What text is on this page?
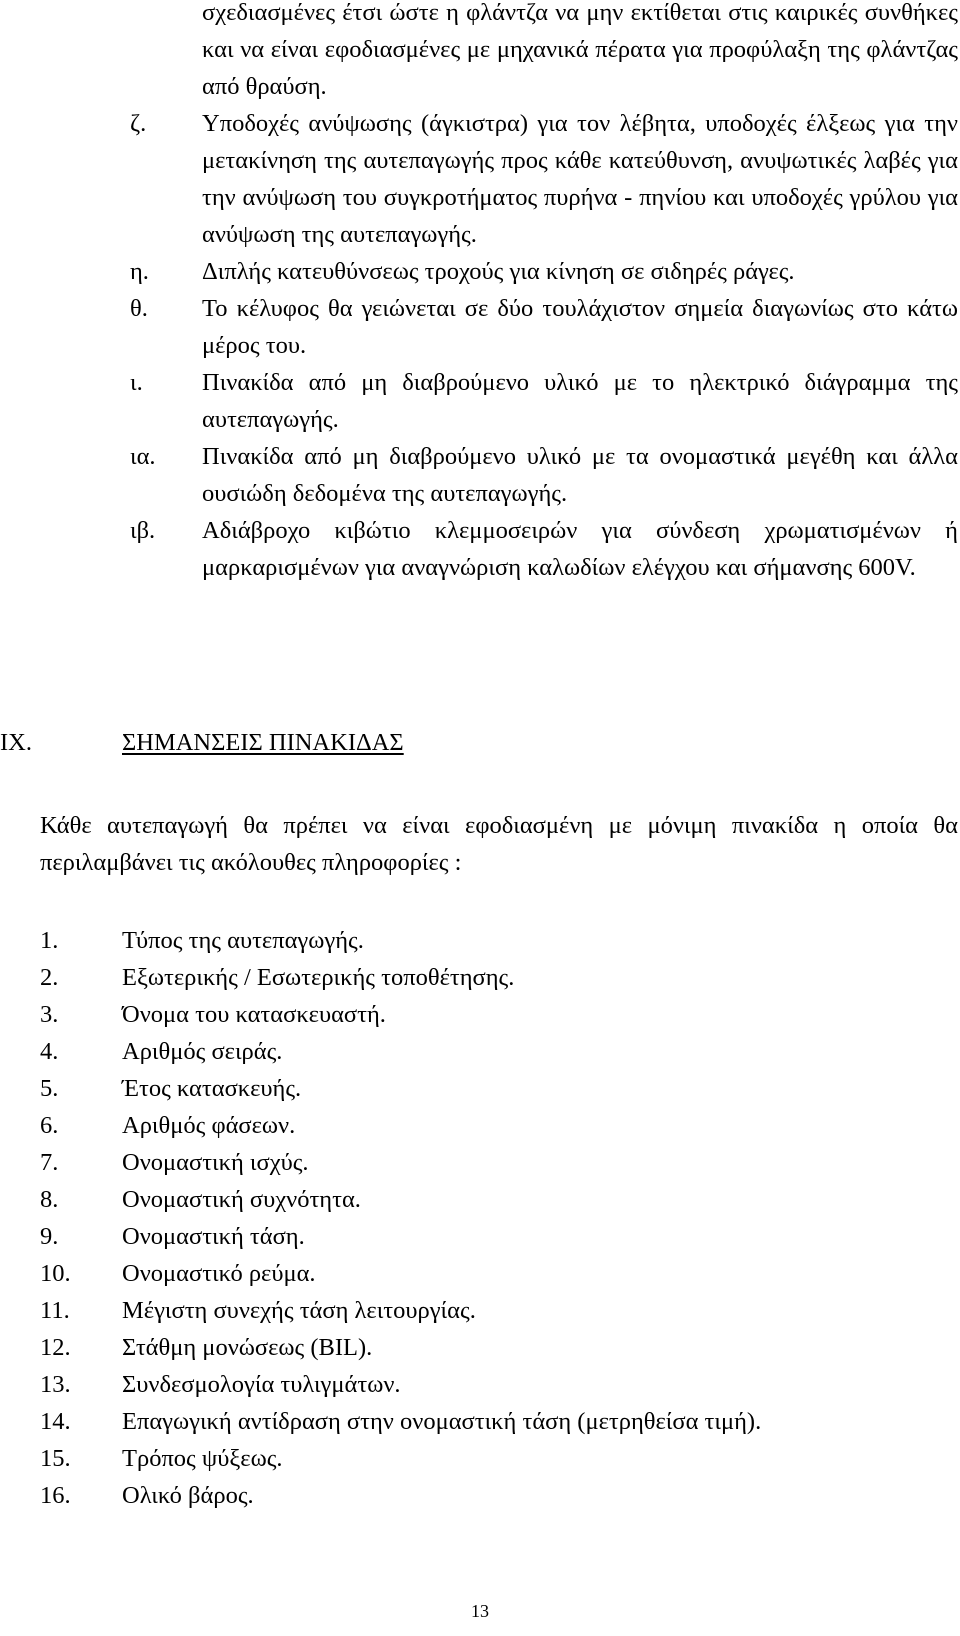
σχεδιασμένες έτσι ώστε η φλάντζα να μην εκτίθεται στις καιρικές συνθήκες και να είναι εφοδιασμένες με μηχανικά πέρατα για προφύλαξη της φλάντζας από θραύση.
ζ.	Υποδοχές ανύψωσης (άγκιστρα) για τον λέβητα, υποδοχές έλξεως για την μετακίνηση της αυτεπαγωγής προς κάθε κατεύθυνση, ανυψωτικές λαβές για την ανύψωση του συγκροτήματος πυρήνα - πηνίου και υποδοχές γρύλου για ανύψωση της αυτεπαγωγής.
η.	Διπλής κατευθύνσεως τροχούς για κίνηση σε σιδηρές ράγες.
θ.	Το κέλυφος θα γειώνεται σε δύο τουλάχιστον σημεία διαγωνίως στο κάτω μέρος του.
ι.	Πινακίδα από μη διαβρούμενο υλικό με το ηλεκτρικό διάγραμμα της αυτεπαγωγής.
ια.	Πινακίδα από μη διαβρούμενο υλικό με τα ονομαστικά μεγέθη και άλλα ουσιώδη δεδομένα της αυτεπαγωγής.
ιβ.	Αδιάβροχο κιβώτιο κλεμμοσειρών για σύνδεση χρωματισμένων ή μαρκαρισμένων για αναγνώριση καλωδίων ελέγχου και σήμανσης 600V.
IX.	ΣΗΜΑΝΣΕΙΣ ΠΙΝΑΚΙΔΑΣ
Κάθε αυτεπαγωγή θα πρέπει να είναι εφοδιασμένη με μόνιμη πινακίδα η οποία θα περιλαμβάνει τις ακόλουθες πληροφορίες :
1.	Τύπος της αυτεπαγωγής.
2.	Εξωτερικής / Εσωτερικής τοποθέτησης.
3.	Όνομα του κατασκευαστή.
4.	Αριθμός σειράς.
5.	Έτος κατασκευής.
6.	Αριθμός φάσεων.
7.	Ονομαστική ισχύς.
8.	Ονομαστική συχνότητα.
9.	Ονομαστική τάση.
10.	Ονομαστικό ρεύμα.
11.	Μέγιστη συνεχής τάση λειτουργίας.
12.	Στάθμη μονώσεως (BIL).
13.	Συνδεσμολογία τυλιγμάτων.
14.	Επαγωγική αντίδραση στην ονομαστική τάση (μετρηθείσα τιμή).
15.	Τρόπος ψύξεως.
16.	Ολικό βάρος.
13
